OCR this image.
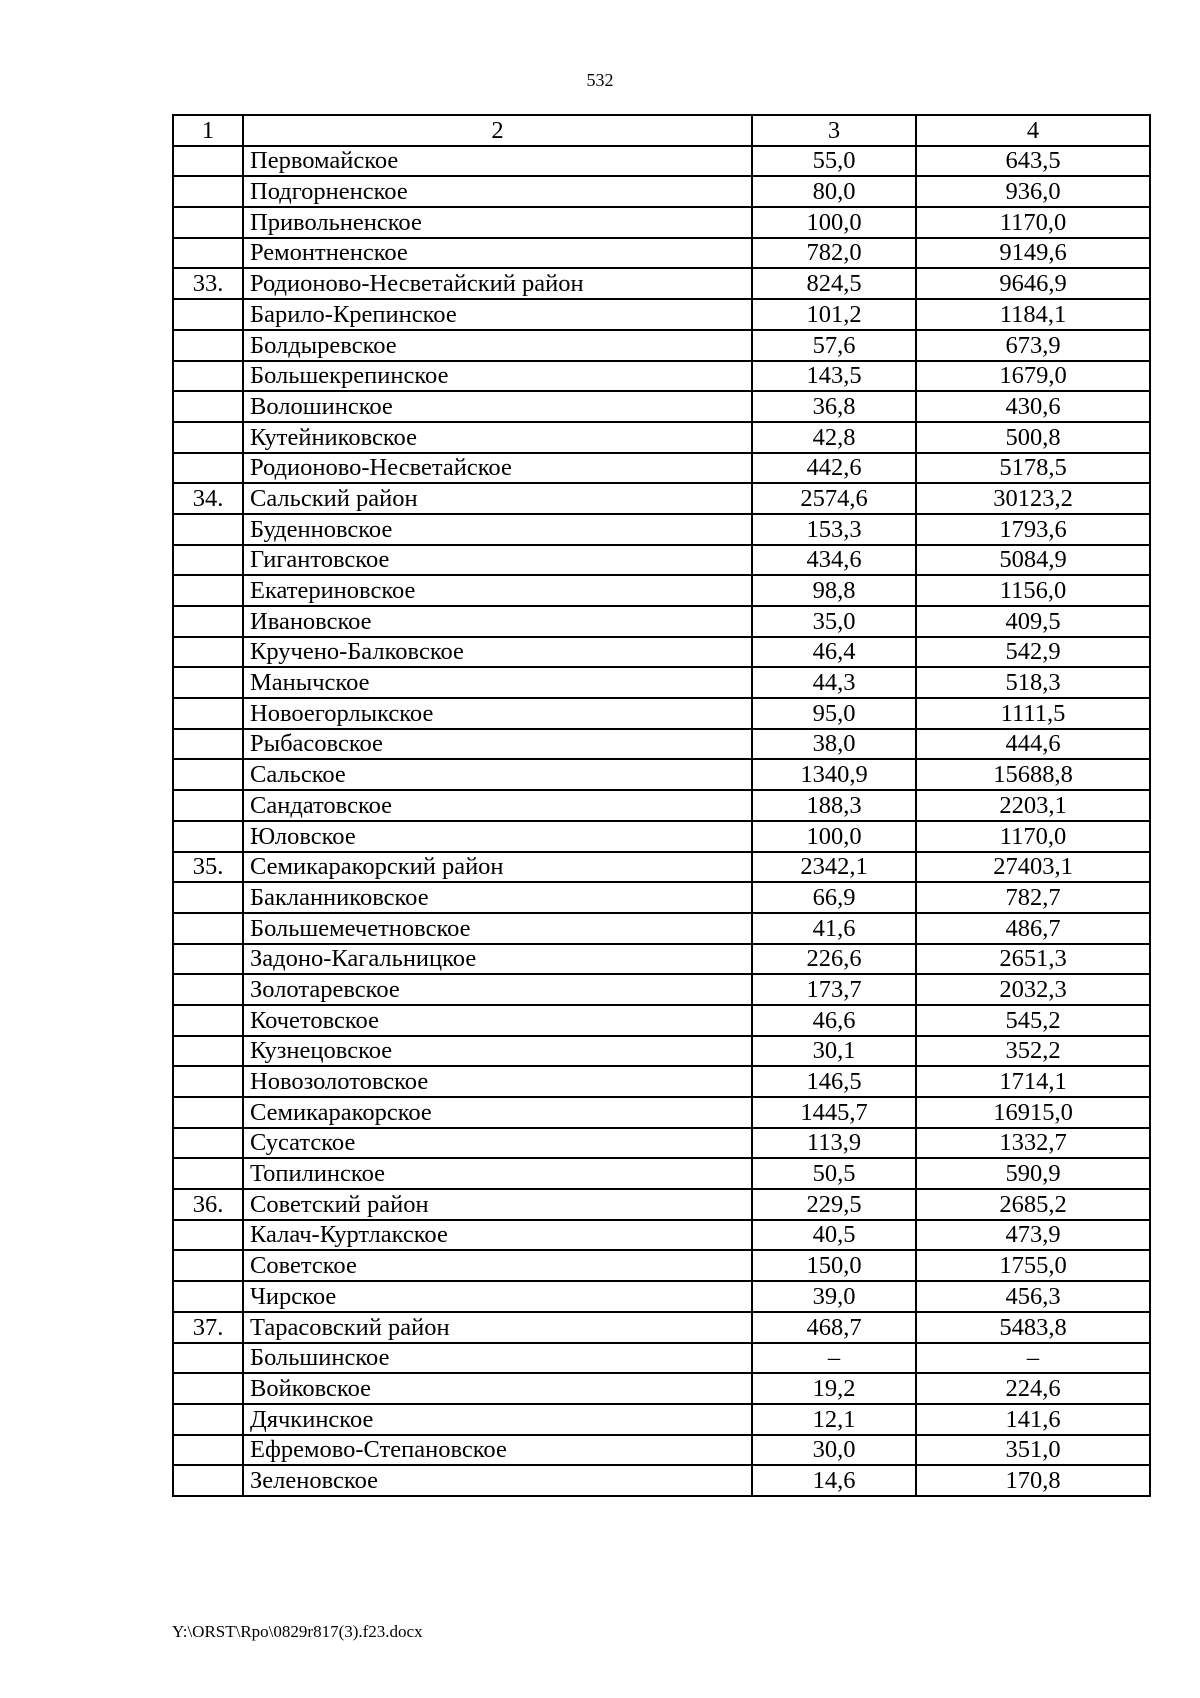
532
1	2	3	4
	Первомайское	55,0	643,5
	Подгорненское	80,0	936,0
	Привольненское	100,0	1170,0
	Ремонтненское	782,0	9149,6
33.	Родионово-Несветайский район	824,5	9646,9
	Барило-Крепинское	101,2	1184,1
	Болдыревское	57,6	673,9
	Большекрепинское	143,5	1679,0
	Волошинское	36,8	430,6
	Кутейниковское	42,8	500,8
	Родионово-Несветайское	442,6	5178,5
34.	Сальский район	2574,6	30123,2
	Буденновское	153,3	1793,6
	Гигантовское	434,6	5084,9
	Екатериновское	98,8	1156,0
	Ивановское	35,0	409,5
	Кручено-Балковское	46,4	542,9
	Манычское	44,3	518,3
	Новоегорлыкское	95,0	1111,5
	Рыбасовское	38,0	444,6
	Сальское	1340,9	15688,8
	Сандатовское	188,3	2203,1
	Юловское	100,0	1170,0
35.	Семикаракорский район	2342,1	27403,1
	Бакланниковское	66,9	782,7
	Большемечетновское	41,6	486,7
	Задоно-Кагальницкое	226,6	2651,3
	Золотаревское	173,7	2032,3
	Кочетовское	46,6	545,2
	Кузнецовское	30,1	352,2
	Новозолотовское	146,5	1714,1
	Семикаракорское	1445,7	16915,0
	Сусатское	113,9	1332,7
	Топилинское	50,5	590,9
36.	Советский район	229,5	2685,2
	Калач-Куртлакское	40,5	473,9
	Советское	150,0	1755,0
	Чирское	39,0	456,3
37.	Тарасовский район	468,7	5483,8
	Большинское	–	–
	Войковское	19,2	224,6
	Дячкинское	12,1	141,6
	Ефремово-Степановское	30,0	351,0
	Зеленовское	14,6	170,8
Y:\ORST\Rpo\0829r817(3).f23.docx
